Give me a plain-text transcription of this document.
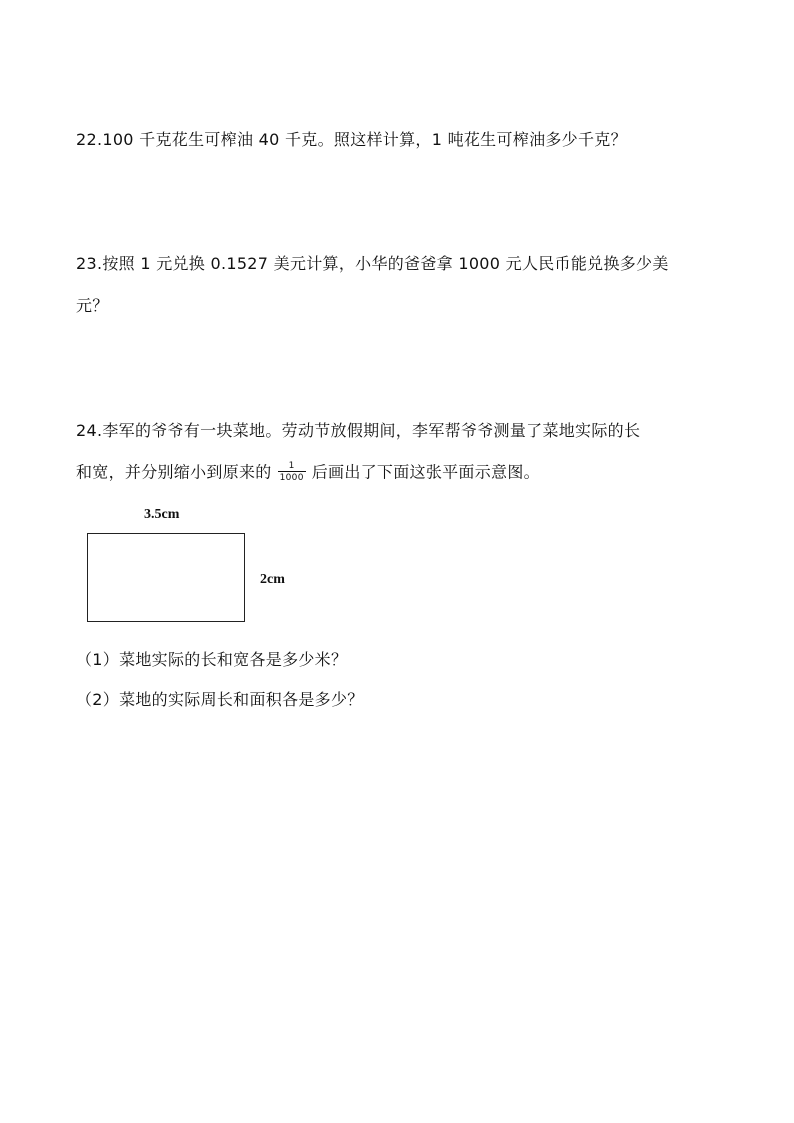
22.100 千克花生可榨油 40 千克。照这样计算，1 吨花生可榨油多少千克？
23.按照 1 元兑换 0.1527 美元计算，小华的爸爸拿 1000 元人民币能兑换多少美
元？
24.李军的爷爷有一块菜地。劳动节放假期间，李军帮爷爷测量了菜地实际的长
和宽，并分别缩小到原来的 $\frac{1}{1000}$ 后画出了下面这张平面示意图。
3.5cm
2cm
（1）菜地实际的长和宽各是多少米？
（2）菜地的实际周长和面积各是多少？
